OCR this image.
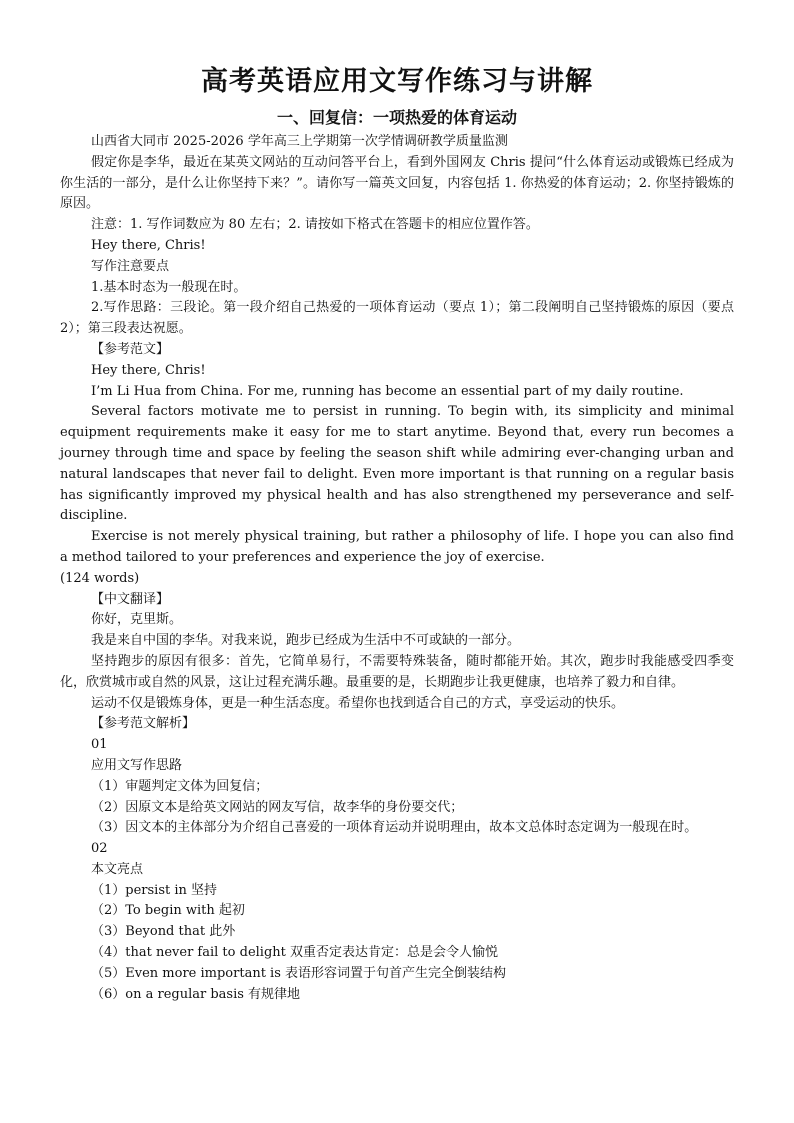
高考英语应用文写作练习与讲解
一、回复信：一项热爱的体育运动

山西省大同市 2025-2026 学年高三上学期第一次学情调研教学质量监测

假定你是李华，最近在某英文网站的互动问答平台上，看到外国网友 Chris 提问“什么体育运动或锻炼已经成为你生活的一部分，是什么让你坚持下来？”。请你写一篇英文回复，内容包括 1. 你热爱的体育运动；2. 你坚持锻炼的原因。

注意：1. 写作词数应为 80 左右；2. 请按如下格式在答题卡的相应位置作答。

Hey there, Chris!

写作注意要点

1.基本时态为一般现在时。

2.写作思路：三段论。第一段介绍自己热爱的一项体育运动（要点 1）；第二段阐明自己坚持锻炼的原因（要点 2）；第三段表达祝愿。

【参考范文】

Hey there, Chris!

I’m Li Hua from China. For me, running has become an essential part of my daily routine.

Several factors motivate me to persist in running. To begin with, its simplicity and minimal equipment requirements make it easy for me to start anytime. Beyond that, every run becomes a journey through time and space by feeling the season shift while admiring ever-changing urban and natural landscapes that never fail to delight. Even more important is that running on a regular basis has significantly improved my physical health and has also strengthened my perseverance and self-discipline.

Exercise is not merely physical training, but rather a philosophy of life. I hope you can also find a method tailored to your preferences and experience the joy of exercise.

(124 words)

【中文翻译】

你好，克里斯。

我是来自中国的李华。对我来说，跑步已经成为生活中不可或缺的一部分。

坚持跑步的原因有很多：首先，它简单易行，不需要特殊装备，随时都能开始。其次，跑步时我能感受四季变化，欣赏城市或自然的风景，这让过程充满乐趣。最重要的是，长期跑步让我更健康，也培养了毅力和自律。

运动不仅是锻炼身体，更是一种生活态度。希望你也找到适合自己的方式，享受运动的快乐。

【参考范文解析】

01

应用文写作思路

（1）审题判定文体为回复信；

（2）因原文本是给英文网站的网友写信，故李华的身份要交代；

（3）因文本的主体部分为介绍自己喜爱的一项体育运动并说明理由，故本文总体时态定调为一般现在时。

02

本文亮点

（1）persist in 坚持

（2）To begin with 起初

（3）Beyond that 此外

（4）that never fail to delight 双重否定表达肯定：总是会令人愉悦

（5）Even more important is 表语形容词置于句首产生完全倒装结构

（6）on a regular basis 有规律地
